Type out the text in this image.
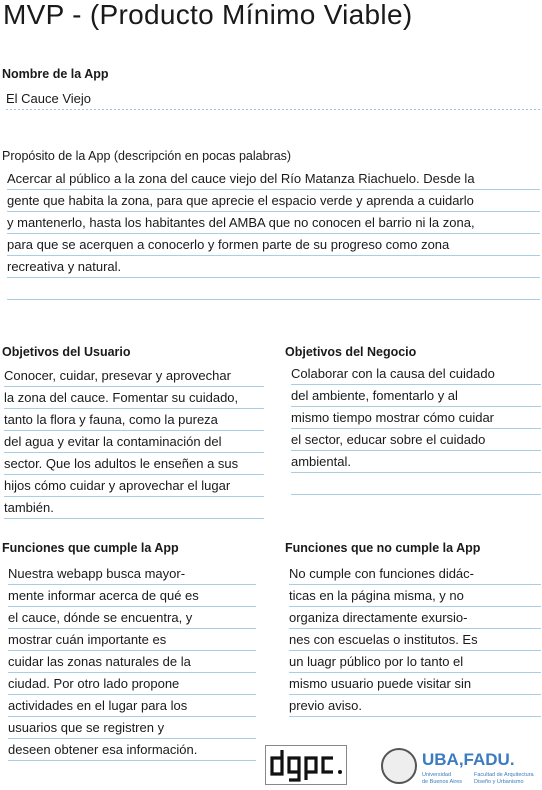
MVP - (Producto Mínimo Viable)

Nombre de la App

El Cauce Viejo

Propósito de la App (descripción en pocas palabras)

Acercar al público a la zona del cauce viejo del Río Matanza Riachuelo. Desde la
gente que habita la zona, para que aprecie el espacio verde y aprenda a cuidarlo
y mantenerlo, hasta los habitantes del AMBA que no conocen el barrio ni la zona,
para que se acerquen a conocerlo y formen parte de su progreso como zona
recreativa y natural.

Objetivos del Usuario

Conocer, cuidar, presevar y aprovechar
la zona del cauce. Fomentar su cuidado,
tanto la flora y fauna, como la pureza
del agua y evitar la contaminación del
sector. Que los adultos le enseñen a sus
hijos cómo cuidar y aprovechar el lugar
también.

Objetivos del Negocio

Colaborar con la causa del cuidado
del ambiente, fomentarlo y al
mismo tiempo mostrar cómo cuidar
el sector, educar sobre el cuidado
ambiental.

Funciones que cumple la App

Nuestra webapp busca mayor-
mente informar acerca de qué es
el cauce, dónde se encuentra, y
mostrar cuán importante es
cuidar las zonas naturales de la
ciudad. Por otro lado propone
actividades en el lugar para los
usuarios que se registren y
deseen obtener esa información.

Funciones que no cumple la App

No cumple con funciones didác-
ticas en la página misma, y no
organiza directamente exursio-
nes con escuelas o institutos. Es
un luagr público por lo tanto el
mismo usuario puede visitar sin
previo aviso.
UBA,FADU.
Universidad
de Buenos Aires
Facultad de Arquitectura
Diseño y Urbanismo
